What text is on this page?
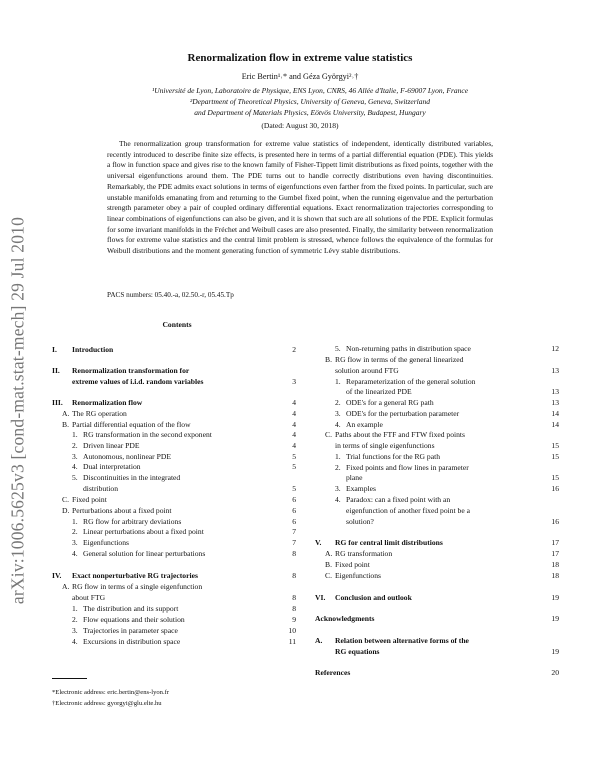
arXiv:1006.5625v3 [cond-mat.stat-mech] 29 Jul 2010
Renormalization flow in extreme value statistics
Eric Bertin¹˒* and Géza Györgyi²˒†
¹Université de Lyon, Laboratoire de Physique, ENS Lyon, CNRS, 46 Allée d'Italie, F-69007 Lyon, France
²Department of Theoretical Physics, University of Geneva, Geneva, Switzerland
and Department of Materials Physics, Eötvös University, Budapest, Hungary
(Dated: August 30, 2018)
The renormalization group transformation for extreme value statistics of independent, identically distributed variables, recently introduced to describe finite size effects, is presented here in terms of a partial differential equation (PDE). This yields a flow in function space and gives rise to the known family of Fisher-Tippett limit distributions as fixed points, together with the universal eigenfunctions around them. The PDE turns out to handle correctly distributions even having discontinuities. Remarkably, the PDE admits exact solutions in terms of eigenfunctions even farther from the fixed points. In particular, such are unstable manifolds emanating from and returning to the Gumbel fixed point, when the running eigenvalue and the perturbation strength parameter obey a pair of coupled ordinary differential equations. Exact renormalization trajectories corresponding to linear combinations of eigenfunctions can also be given, and it is shown that such are all solutions of the PDE. Explicit formulas for some invariant manifolds in the Fréchet and Weibull cases are also presented. Finally, the similarity between renormalization flows for extreme value statistics and the central limit problem is stressed, whence follows the equivalence of the formulas for Weibull distributions and the moment generating function of symmetric Lévy stable distributions.
PACS numbers: 05.40.-a, 02.50.-r, 05.45.Tp
Contents
I. Introduction	2
II. Renormalization transformation for
extreme values of i.i.d. random variables	3
III. Renormalization flow	4
A. The RG operation	4
B. Partial differential equation of the flow	4
1. RG transformation in the second exponent	4
2. Driven linear PDE	4
3. Autonomous, nonlinear PDE	5
4. Dual interpretation	5
5. Discontinuities in the integrated
distribution	5
C. Fixed point	6
D. Perturbations about a fixed point	6
1. RG flow for arbitrary deviations	6
2. Linear perturbations about a fixed point	7
3. Eigenfunctions	7
4. General solution for linear perturbations	8
IV. Exact nonperturbative RG trajectories	8
A. RG flow in terms of a single eigenfunction
about FTG	8
1. The distribution and its support	8
2. Flow equations and their solution	9
3. Trajectories in parameter space	10
4. Excursions in distribution space	11
5. Non-returning paths in distribution space	12
B. RG flow in terms of the general linearized
solution around FTG	13
1. Reparameterization of the general solution
of the linearized PDE	13
2. ODE's for a general RG path	13
3. ODE's for the perturbation parameter	14
4. An example	14
C. Paths about the FTF and FTW fixed points
in terms of single eigenfunctions	15
1. Trial functions for the RG path	15
2. Fixed points and flow lines in parameter
plane	15
3. Examples	16
4. Paradox: can a fixed point with an
eigenfunction of another fixed point be a
solution?	16
V. RG for central limit distributions	17
A. RG transformation	17
B. Fixed point	18
C. Eigenfunctions	18
VI. Conclusion and outlook	19
Acknowledgments	19
A. Relation between alternative forms of the
RG equations	19
References	20
*Electronic address: eric.bertin@ens-lyon.fr
†Electronic address: gyorgyi@glu.elte.hu
